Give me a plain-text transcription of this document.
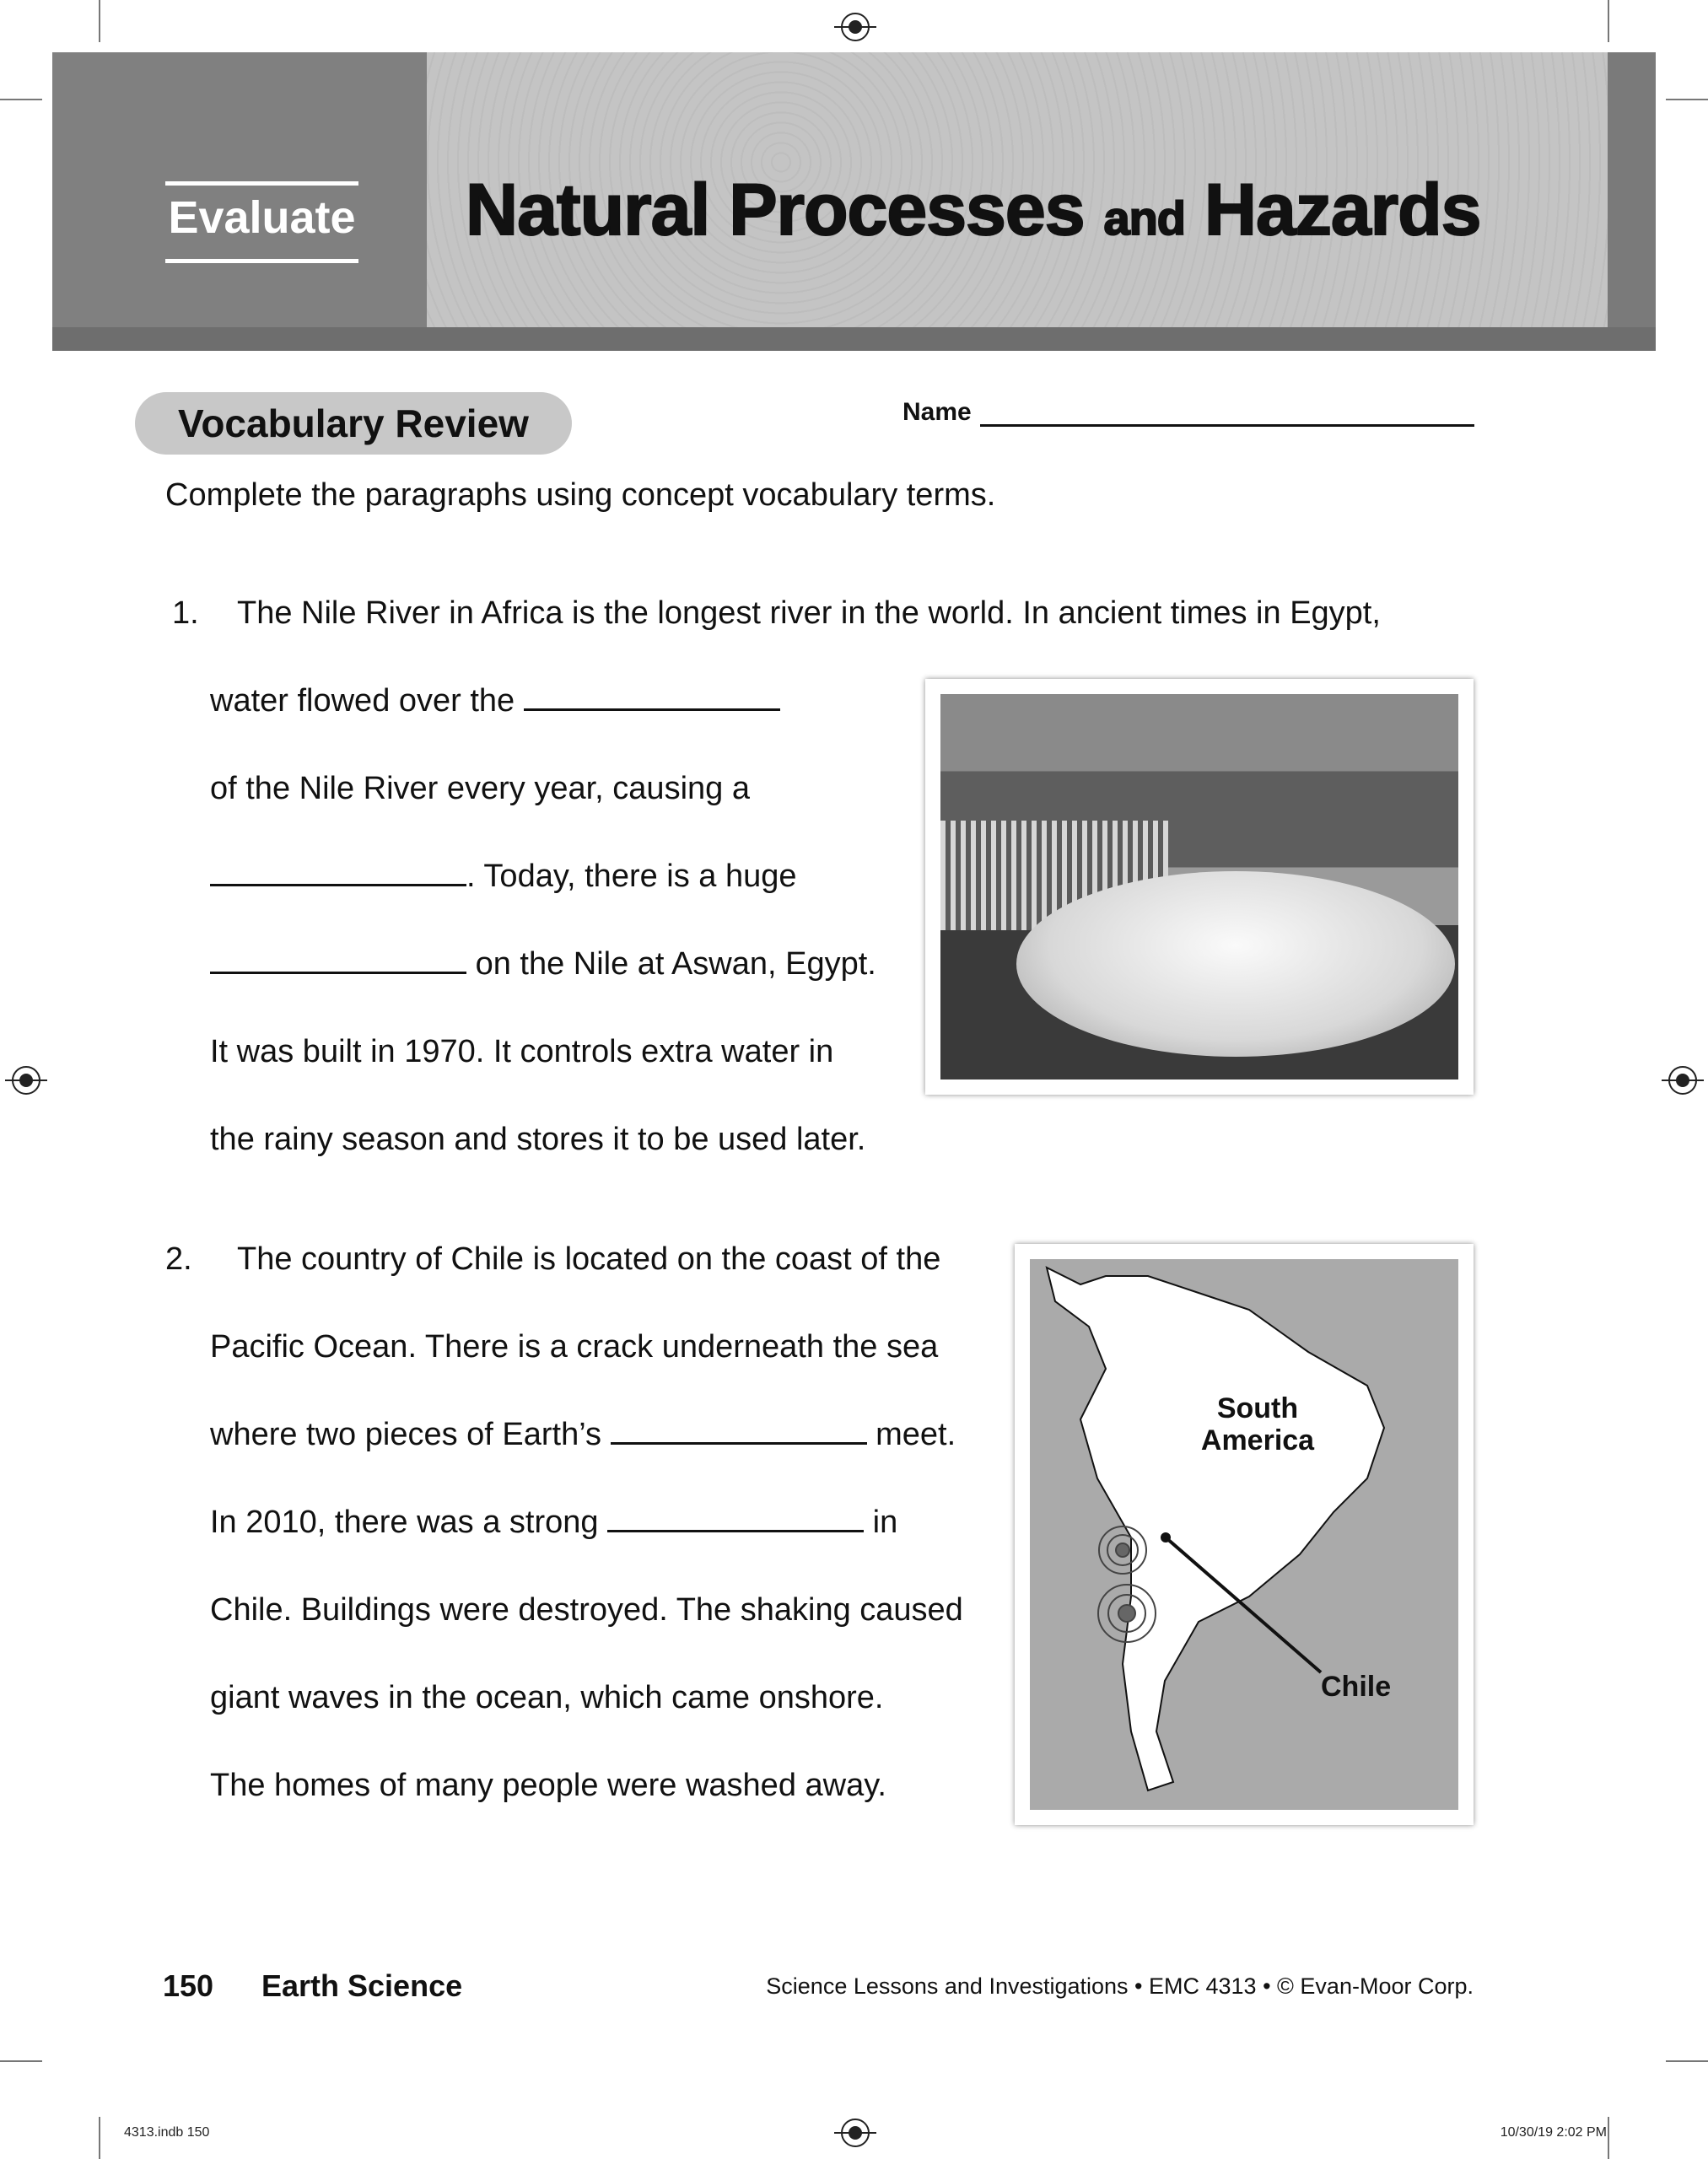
Evaluate Natural Processes and Hazards
Vocabulary Review	Name
Complete the paragraphs using concept vocabulary terms.
1. The Nile River in Africa is the longest river in the world. In ancient times in Egypt,
water flowed over the
of the Nile River every year, causing a
. Today, there is a huge
on the Nile at Aswan, Egypt.
It was built in 1970. It controls extra water in
the rainy season and stores it to be used later.
2. The country of Chile is located on the coast of the
Pacific Ocean. There is a crack underneath the sea
where two pieces of Earth’s	meet.
In 2010, there was a strong	in
Chile. Buildings were destroyed. The shaking caused
giant waves in the ocean, which came onshore.
The homes of many people were washed away.
South America
Chile
150 Earth Science	Science Lessons and Investigations • EMC 4313 • © Evan-Moor Corp.
4313.indb 150	10/30/19 2:02 PM
